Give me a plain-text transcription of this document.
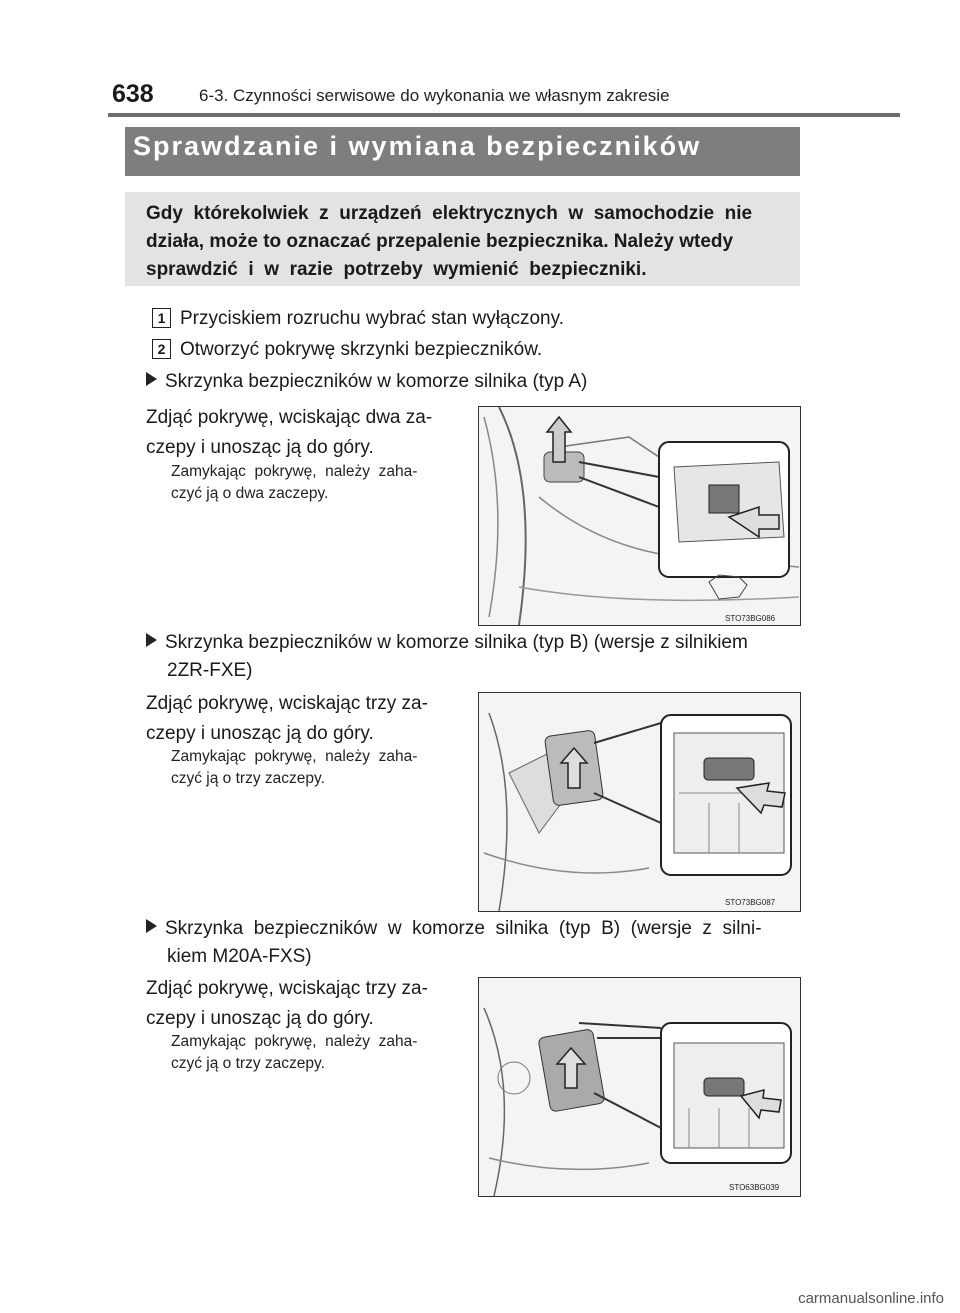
638	6-3. Czynności serwisowe do wykonania we własnym zakresie
Sprawdzanie i wymiana bezpieczników
Gdy  którekolwiek  z  urządzeń  elektrycznych  w  samochodzie  nie
działa, może to oznaczać przepalenie bezpiecznika. Należy wtedy
sprawdzić  i  w  razie  potrzeby  wymienić  bezpieczniki.
1 Przyciskiem rozruchu wybrać stan wyłączony.
2 Otworzyć pokrywę skrzynki bezpieczników.
Skrzynka bezpieczników w komorze silnika (typ A)
Zdjąć pokrywę, wciskając dwa za-
czepy i unosząc ją do góry.
Zamykając  pokrywę,  należy  zaha-
czyć ją o dwa zaczepy.
STO73BG086
Skrzynka bezpieczników w komorze silnika (typ B) (wersje z silnikiem
2ZR-FXE)
Zdjąć pokrywę, wciskając trzy za-
czepy i unosząc ją do góry.
Zamykając  pokrywę,  należy  zaha-
czyć ją o trzy zaczepy.
STO73BG087
Skrzynka  bezpieczników  w  komorze  silnika  (typ  B)  (wersje  z  silni-
kiem M20A-FXS)
Zdjąć pokrywę, wciskając trzy za-
czepy i unosząc ją do góry.
Zamykając  pokrywę,  należy  zaha-
czyć ją o trzy zaczepy.
STO63BG039
carmanualsonline.info
